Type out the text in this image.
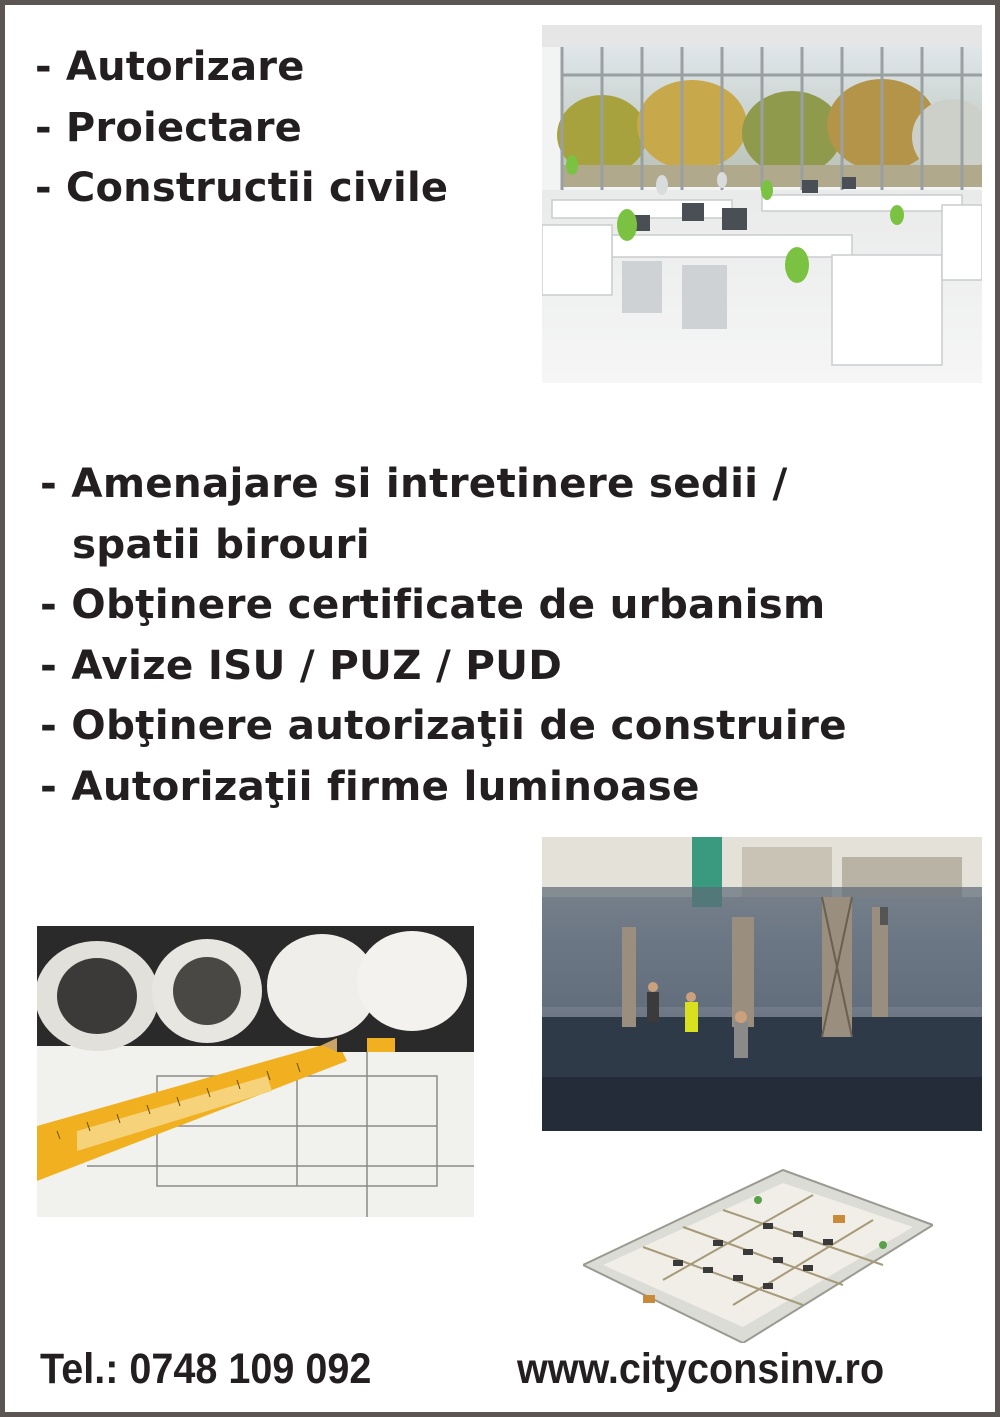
- Autorizare
- Proiectare
- Constructii civile
- Amenajare si intretinere sedii /
spatii birouri
- Obţinere certificate de urbanism
- Avize ISU / PUZ / PUD
- Obţinere autorizaţii de construire
- Autorizaţii firme luminoase
Tel.: 0748 109 092	www.cityconsinv.ro
